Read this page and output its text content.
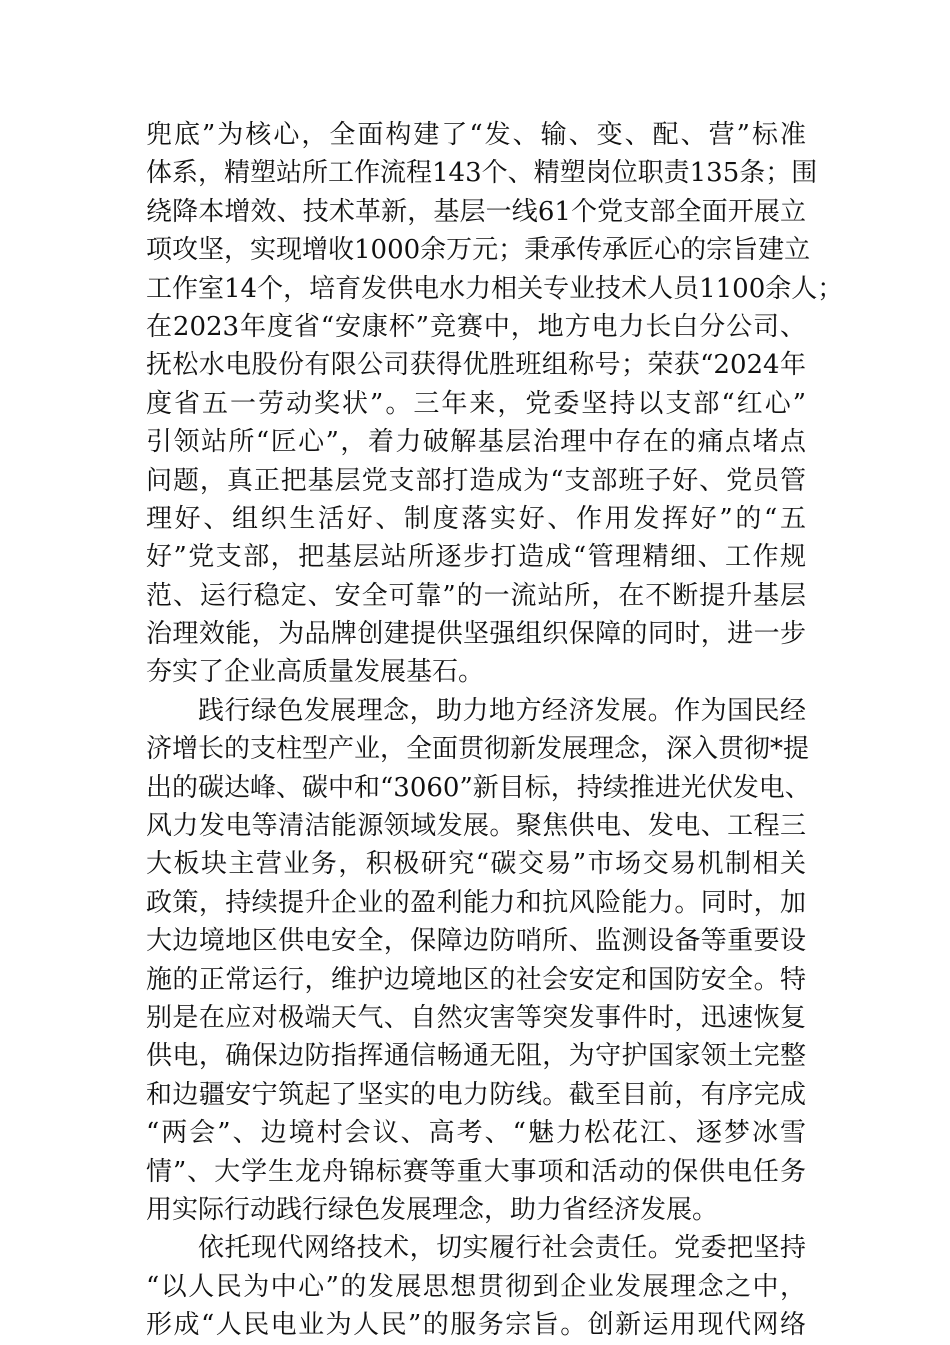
兜底”为核心，全面构建了“发、输、变、配、营”标准
体系，精塑站所工作流程143个、精塑岗位职责135条；围
绕降本增效、技术革新，基层一线61个党支部全面开展立
项攻坚，实现增收1000余万元；秉承传承匠心的宗旨建立
工作室14个，培育发供电水力相关专业技术人员1100余人；
在2023年度省“安康杯”竞赛中，地方电力长白分公司、
抚松水电股份有限公司获得优胜班组称号；荣获“2024年
度省五一劳动奖状”。三年来，党委坚持以支部“红心”
引领站所“匠心”，着力破解基层治理中存在的痛点堵点
问题，真正把基层党支部打造成为“支部班子好、党员管
理好、组织生活好、制度落实好、作用发挥好”的“五
好”党支部，把基层站所逐步打造成“管理精细、工作规
范、运行稳定、安全可靠”的一流站所，在不断提升基层
治理效能，为品牌创建提供坚强组织保障的同时，进一步
夯实了企业高质量发展基石。
践行绿色发展理念，助力地方经济发展。作为国民经
济增长的支柱型产业，全面贯彻新发展理念，深入贯彻*提
出的碳达峰、碳中和“3060”新目标，持续推进光伏发电、
风力发电等清洁能源领域发展。聚焦供电、发电、工程三
大板块主营业务，积极研究“碳交易”市场交易机制相关
政策，持续提升企业的盈利能力和抗风险能力。同时，加
大边境地区供电安全，保障边防哨所、监测设备等重要设
施的正常运行，维护边境地区的社会安定和国防安全。特
别是在应对极端天气、自然灾害等突发事件时，迅速恢复
供电，确保边防指挥通信畅通无阻，为守护国家领土完整
和边疆安宁筑起了坚实的电力防线。截至目前，有序完成
“两会”、边境村会议、高考、“魅力松花江、逐梦冰雪
情”、大学生龙舟锦标赛等重大事项和活动的保供电任务
用实际行动践行绿色发展理念，助力省经济发展。
依托现代网络技术，切实履行社会责任。党委把坚持
“以人民为中心”的发展思想贯彻到企业发展理念之中，
形成“人民电业为人民”的服务宗旨。创新运用现代网络
